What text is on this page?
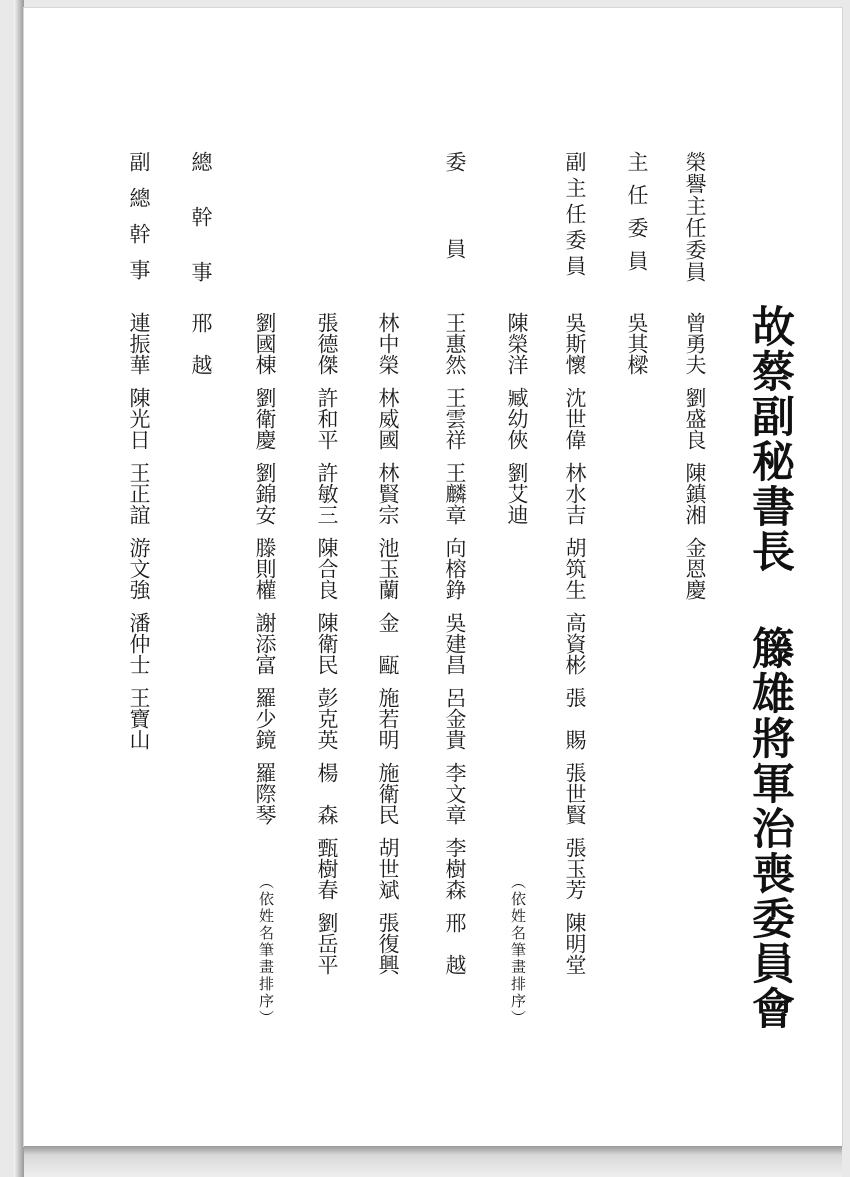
故蔡副秘書長 籐雄將軍治喪委員會
榮譽主任委員
曾勇夫劉盛良陳鎮湘金恩慶
主任委員
吳其樑
副主任委員
吳斯懷沈世偉林水吉胡筑生高資彬張　賜張世賢張玉芳陳明堂
陳榮洋臧幼俠劉艾迪
（依姓名筆畫排序）
委員
王惠然王雲祥王麟章向榕錚吳建昌呂金貴李文章李樹森邢　越
林中榮林威國林賢宗池玉蘭金　甌施若明施衛民胡世斌張復興
張德傑許和平許敏三陳合良陳衛民彭克英楊　森甄樹春劉岳平
劉國棟劉衛慶劉錦安滕則權謝添富羅少鏡羅際琴
（依姓名筆畫排序）
總幹事
邢　越
副總幹事
連振華陳光日王正誼游文強潘仲士王寶山
